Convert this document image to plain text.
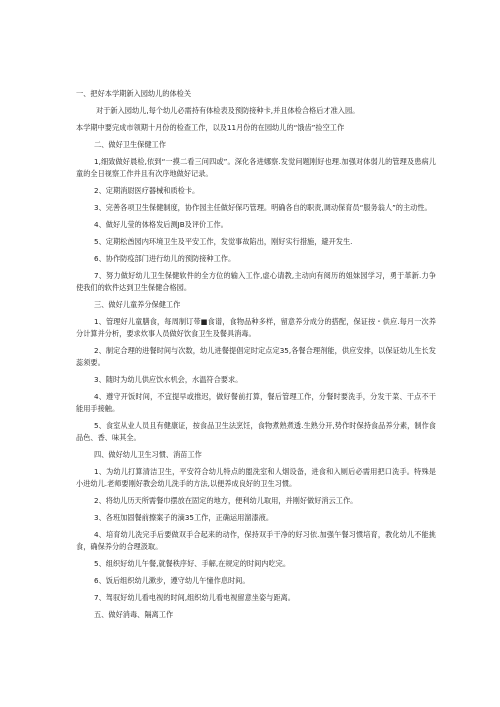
一、把好本学期新入园幼儿的体检关
对于新入园幼儿,每个幼儿必需持有体检表及预防接种卡,并且体检合格后才准入园。
本学期中要完成市领期十月份的检查工作，以及11月份的在园幼儿的“饿齿”捡空工作
二、做好卫生保健工作
1,细致做好晨检,依到“一摸二看三问四或”。深化各进娜察.发觉问题刚好也理.加强对体弱儿的管理及患病儿童的全日视察工作并且有次序地做好记录。
2、定期消尉医疗器械和质检卡。
3、完善各项卫生保健制度，协作园主任做好保巧管理。明确各自的职责,调动保育员“服务翁人”的主动性。
4、做好儿莹的体格发后测JB及评价工作。
5、定期松酋园内环境卫生及平安工作，发觉事故陷出，刚好实行措施，避开发生.
6、协作防疫部门进行幼儿的预防接种工作。
7、努力做好幼儿卫生保健软件的全方位的输入工作,虚心请教,主动向有阅历的姐妹园学习，勇于革新.力争使我们的软件达到卫生保健合格园。
三、做好儿童养分保健工作
1、管理好儿童膳食，每周制订带■食谱，食物品种多样，留意养分成分的搭配，保证按・供应.每月一次养分计算并分析，要求炊事人员做好饮食卫生及餐具消毒。
2、制定合理的进餐时间与次数，幼儿进餐提倡定时定点定35,各餐合理剂能，供应安排，以保证幼儿生长发蕊须要。
3、随时为幼儿供应饮水机会，水温符合要求。
4、遵守开饭时间，不宜提早或推迟，做好餐前打算，餐后管理工作，分餐时要洗手，分发干菜、干点不干能用手接触。
5、食室从业人员且有健康证，按食品卫生法烹饪，食物煮熟煮透.生熟分开,势作时保持食品养分素，制作食品色、香、味其全。
四、做好幼儿卫生习惯、消苗工作
1、为幼儿打算清洁卫生，平安符合幼儿特点的盥洗室和人烟设备，进食和入厕后必需用把口洗手。特殊是小进幼儿.老师要刚好教会幼儿洗手的方法,以便养成良好的卫生习惯。
2、将幼儿历天所需餐巾摆放在固定的地方，便利幼儿取用，并刚好做好消云工作。
3、各班加固餐前擦案子的滴35工作，正确运用溜漆液。
4、培育幼儿洗完手后要做双手合起来的动作，保持双手干净的好习依.加强午餐习惯培育，教化幼儿不能挑食，确保养分的合理汲取。
5、组织好幼儿午餐,就餐秩序好、手解,在规定的时间内吃完。
6、饭后组织幼儿漱步，遵守幼儿午憧作息时间。
7、驾驭好幼儿看电视的时间,组织幼儿看电视留意坐姿与距离。
五、做好消毒、隔离工作
